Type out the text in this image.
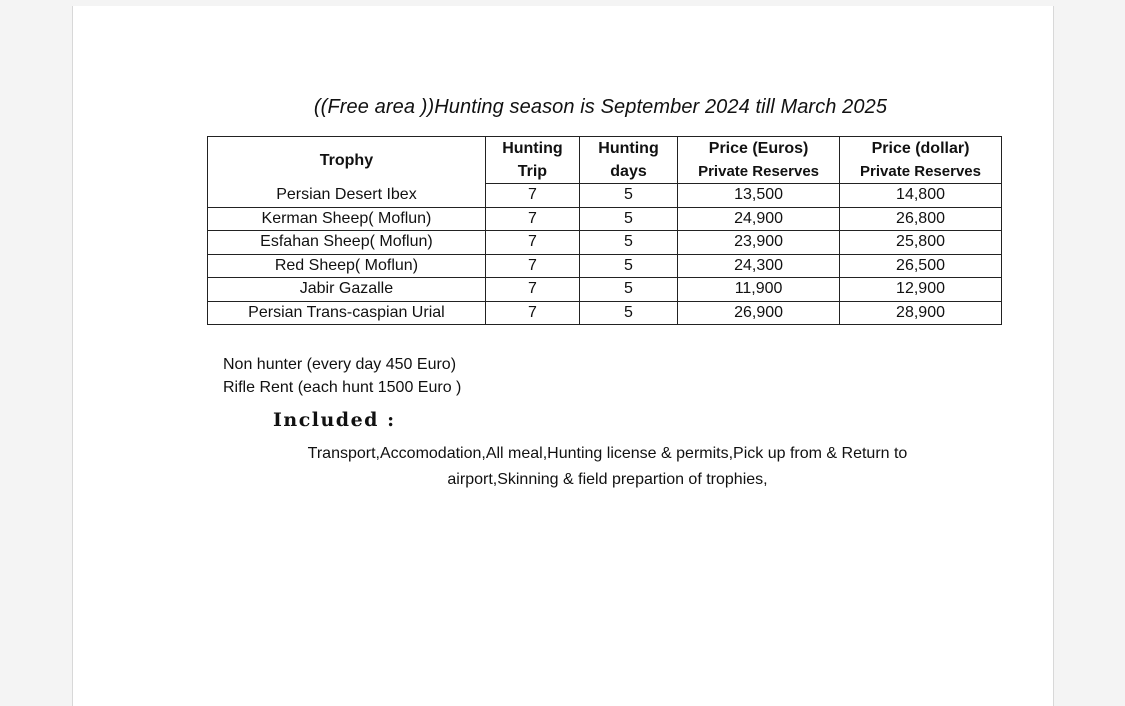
((Free area ))Hunting season is September 2024 till March 2025
Trophy	Hunting	Hunting	Price (Euros)	Price (dollar)
	Trip	days	Private Reserves	Private Reserves
Persian Desert Ibex	7	5	13,500	14,800
Kerman Sheep( Moflun)	7	5	24,900	26,800
Esfahan Sheep( Moflun)	7	5	23,900	25,800
Red Sheep( Moflun)	7	5	24,300	26,500
Jabir Gazalle	7	5	11,900	12,900
Persian Trans-caspian Urial	7	5	26,900	28,900
Non hunter (every day 450 Euro)
Rifle Rent (each hunt 1500 Euro )
Included :
Transport,Accomodation,All meal,Hunting license & permits,Pick up from & Return to
airport,Skinning & field prepartion of trophies,
